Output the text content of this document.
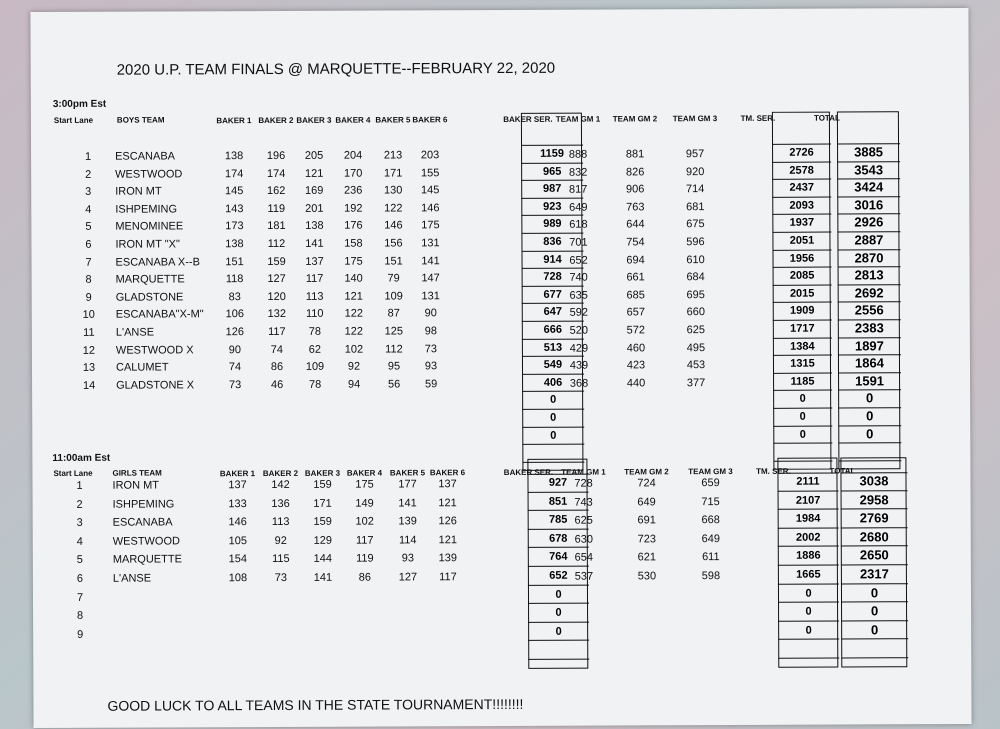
2020 U.P. TEAM FINALS @ MARQUETTE--FEBRUARY 22, 2020
3:00pm Est
Start Lane	BOYS TEAM	BAKER 1 BAKER 2 BAKER 3 BAKER 4 BAKER 5 BAKER 6	BAKER SER. TEAM GM 1 TEAM GM 2 TEAM GM 3	TM. SER.	TOTAL
1 ESCANABA	138 196 205 204 213 203	1159 888	881	957	2726	3885
2 WESTWOOD	174 174 121 170 171 155	965 832	826	920	2578	3543
3 IRON MT	145 162 169 236 130 145	987 817	906	714	2437	3424
4 ISHPEMING	143 119 201 192 122 146	923 649	763	681	2093	3016
5 MENOMINEE	173 181 138 176 146 175	989 618	644	675	1937	2926
6 IRON MT "X"	138 112 141 158 156 131	836 701	754	596	2051	2887
7 ESCANABA X--B 151 159 137 175 151 141	914 652	694	610	1956	2870
8 MARQUETTE	118 127 117 140 79 147	728 740	661	684	2085	2813
9 GLADSTONE	83 120 113 121 109 131	677 635	685	695	2015	2692
10 ESCANABA"X-M" 106 132 110 122 87 90	647 592	657	660	1909	2556
11 L'ANSE	126 117 78 122 125 98	666 520	572	625	1717	2383
12 WESTWOOD X	90	74 62 102 112 73	513 429	460	495	1384	1897
13 CALUMET	74	86 109 92	95 93	549 439	423	453	1315	1864
14 GLADSTONE X	73	46 78 94	56 59	406 368	440	377	1185	1591
0	0	0
0	0	0
0	0	0
11:00am Est
Start Lane GIRLS TEAM	BAKER 1 BAKER 2 BAKER 3 BAKER 4 BAKER 5 BAKER 6	BAKER SER. TEAM GM 1 TEAM GM 2 TEAM GM 3	TM. SER.	TOTAL
1	IRON MT	137 142 159 175 177 137	927 728	724	659	2111	3038
2	ISHPEMING	133 136 171 149 141 121	851 743	649	715	2107	2958
3	ESCANABA	146 113 159 102 139 126	785 625	691	668	1984	2769
4	WESTWOOD	105	92 129 117 114 121	678 630	723	649	2002	2680
5	MARQUETTE	154 115 144 119	93 139	764 654	621	611	1886	2650
6	L'ANSE	108	73 141 86	127 117	652 537	530	598	1665	2317
7	0	0	0
8	0	0	0
9	0	0	0
GOOD LUCK TO ALL TEAMS IN THE STATE TOURNAMENT!!!!!!!!
